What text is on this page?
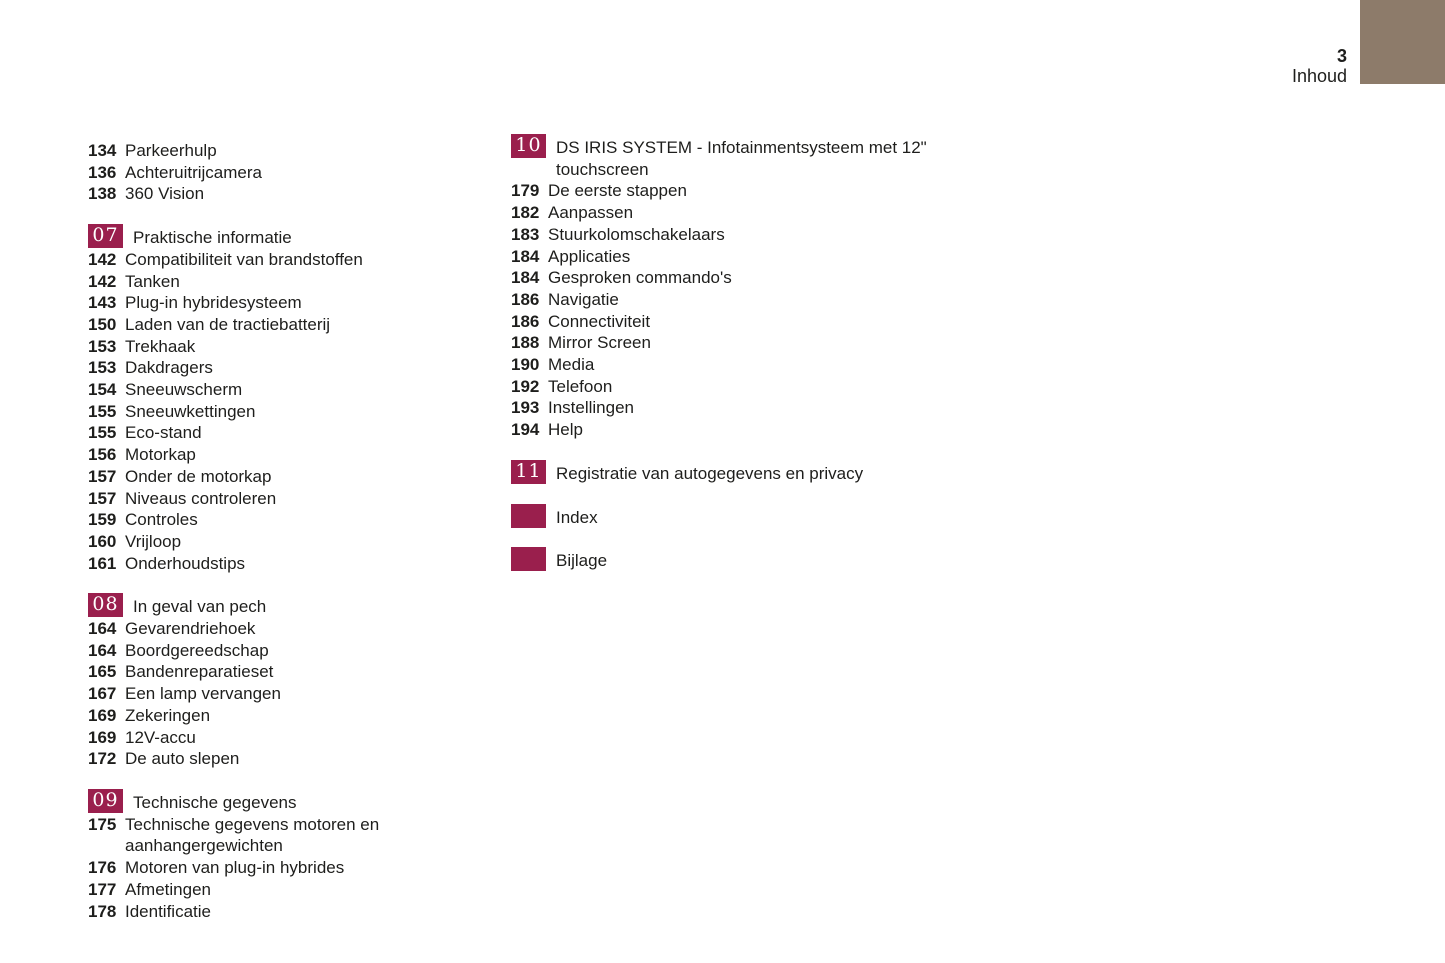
3
Inhoud
134 Parkeerhulp
136 Achteruitrijcamera
138 360 Vision
07 Praktische informatie
142 Compatibiliteit van brandstoffen
142 Tanken
143 Plug-in hybridesysteem
150 Laden van de tractiebatterij
153 Trekhaak
153 Dakdragers
154 Sneeuwscherm
155 Sneeuwkettingen
155 Eco-stand
156 Motorkap
157 Onder de motorkap
157 Niveaus controleren
159 Controles
160 Vrijloop
161 Onderhoudstips
08 In geval van pech
164 Gevarendriehoek
164 Boordgereedschap
165 Bandenreparatieset
167 Een lamp vervangen
169 Zekeringen
169 12V-accu
172 De auto slepen
09 Technische gegevens
175 Technische gegevens motoren en
aanhangergewichten
176 Motoren van plug-in hybrides
177 Afmetingen
178 Identificatie
10 DS IRIS SYSTEM - Infotainmentsysteem met 12"
touchscreen
179 De eerste stappen
182 Aanpassen
183 Stuurkolomschakelaars
184 Applicaties
184 Gesproken commando's
186 Navigatie
186 Connectiviteit
188 Mirror Screen
190 Media
192 Telefoon
193 Instellingen
194 Help
11 Registratie van autogegevens en privacy
Index
Bijlage
